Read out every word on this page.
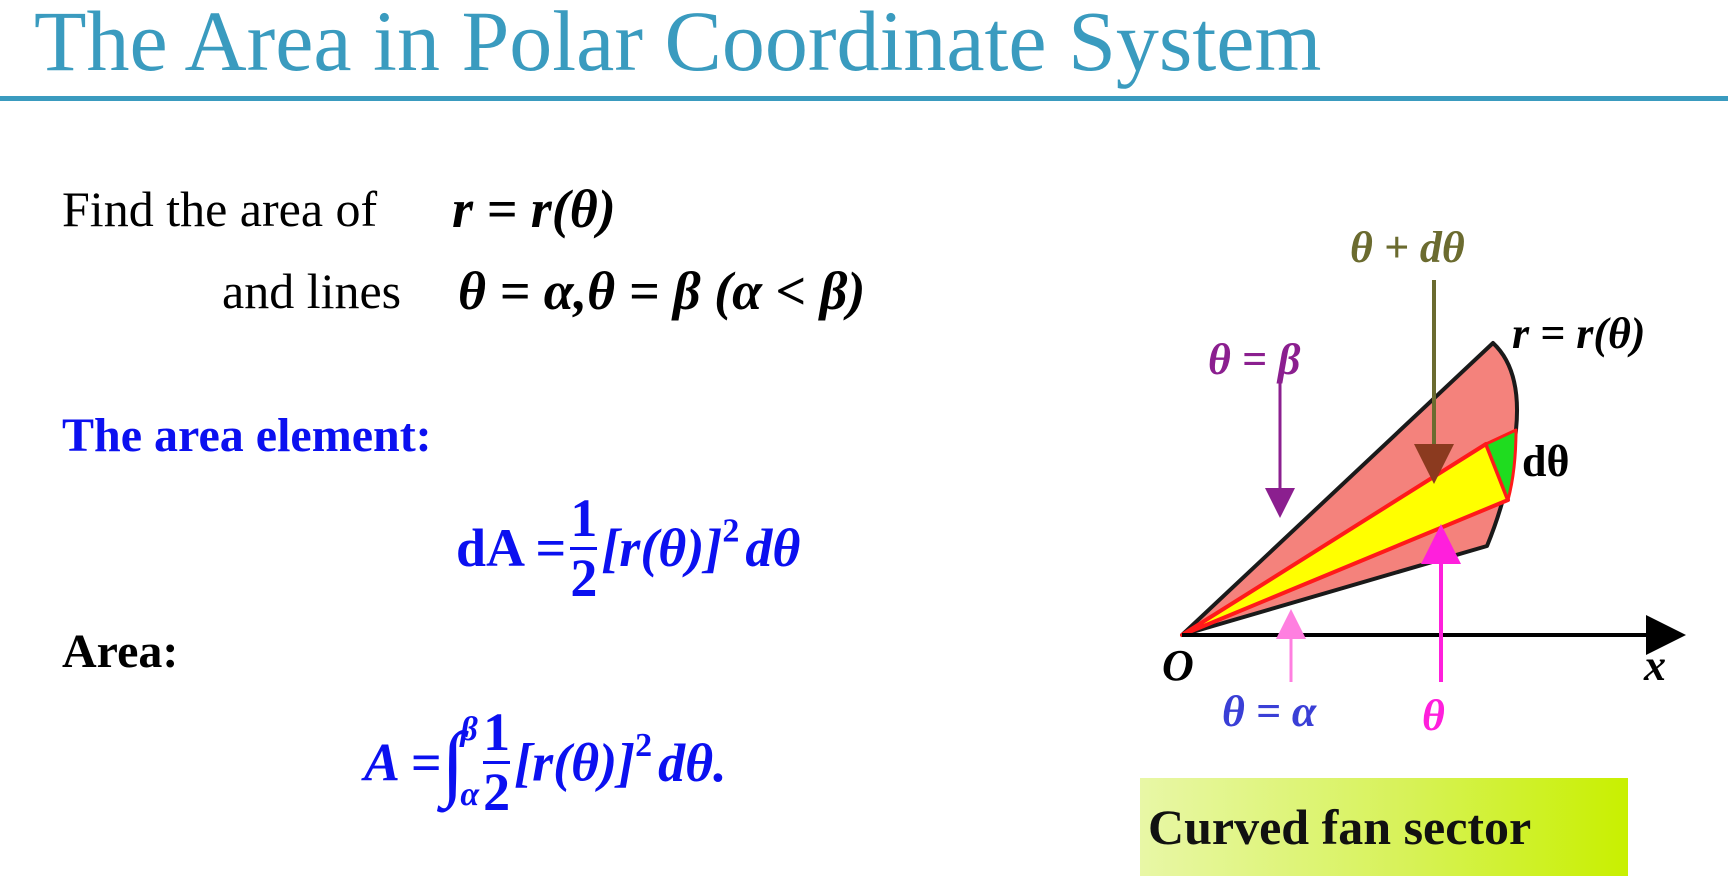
The Area in Polar Coordinate System
Find the area of r = r(θ)
and lines θ = α,θ = β (α < β)
The area element:
dA = $\frac{1}{2} [r(\theta)]^2$ dθ
Area:
A =∫
β
α $\frac{1}{2} [r(\theta)]^2$ dθ.
θ + dθ
r = r(θ)
θ = β
dθ
O	x
θ = α θ
Curved fan sector
